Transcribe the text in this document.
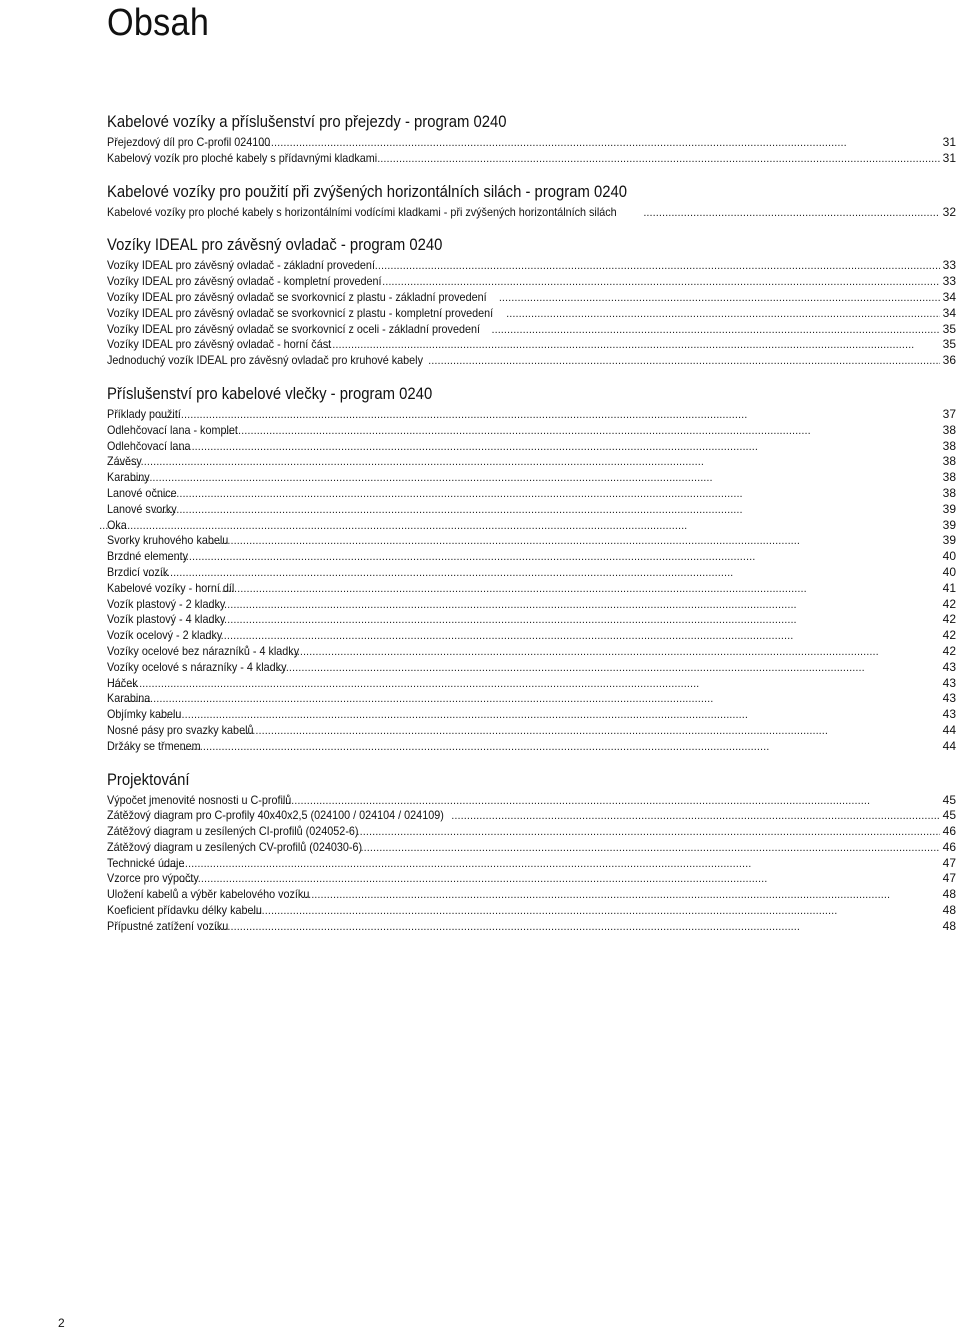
Obsah
Kabelové vozíky a příslušenství pro přejezdy - program 0240
Přejezdový díl pro C-profil 024100 . . .	31
Kabelový vozík pro ploché kabely s přídavnými kladkami . . .	31
Kabelové vozíky pro použití při zvýšených horizontálních silách - program 0240
Kabelové vozíky pro ploché kabely s horizontálními vodícími kladkami - při zvýšených horizontálních silách . . .	32
Vozíky IDEAL pro závěsný ovladač - program 0240
Vozíky IDEAL pro závěsný ovladač - základní provedení . . .	33
Vozíky IDEAL pro závěsný ovladač - kompletní provedení . . .	33
Vozíky IDEAL pro závěsný ovladač se svorkovnicí z plastu - základní provedení . . .	34
Vozíky IDEAL pro závěsný ovladač se svorkovnicí z plastu - kompletní provedení . . .	34
Vozíky IDEAL pro závěsný ovladač se svorkovnicí z oceli - základní provedení . . .	35
Vozíky IDEAL pro závěsný ovladač - horní část . . .	35
Jednoduchý vozík IDEAL pro závěsný ovladač pro kruhové kabely . . .	36
Příslušenství pro kabelové vlečky - program 0240
Příklady použití . . .	37
Odlehčovací lana - komplet . . .	38
Odlehčovací lana . . .	38
Závěsy . . .	38
Karabiny . . .	38
Lanové očnice . . .	38
Lanové svorky . . .	39
Oka . . .	39
Svorky kruhového kabelu . . .	39
Brzdné elementy . . .	40
Brzdicí vozík . . .	40
Kabelové vozíky - horní díl . . .	41
Vozík plastový - 2 kladky . . .	42
Vozík plastový - 4 kladky . . .	42
Vozík ocelový - 2 kladky . . .	42
Vozíky ocelové bez nárazníků - 4 kladky . . .	42
Vozíky ocelové s nárazníky - 4 kladky . . .	43
Háček . . .	43
Karabina . . .	43
Objímky kabelu . . .	43
Nosné pásy pro svazky kabelů . . .	44
Držáky se třmenem . . .	44
Projektování
Výpočet jmenovité nosnosti u C-profilů . . .	45
Zátěžový diagram pro C-profily 40x40x2,5 (024100 / 024104 / 024109) . . .	45
Zátěžový diagram u zesílených CI-profilů (024052-6) . . .	46
Zátěžový diagram u zesílených CV-profilů (024030-6) . . .	46
Technické údaje . . .	47
Vzorce pro výpočty . . .	47
Uložení kabelů a výběr kabelového vozíku . . .	48
Koeficient přídavku délky kabelu . . .	48
Přípustné zatížení vozíku . . .	48
2
